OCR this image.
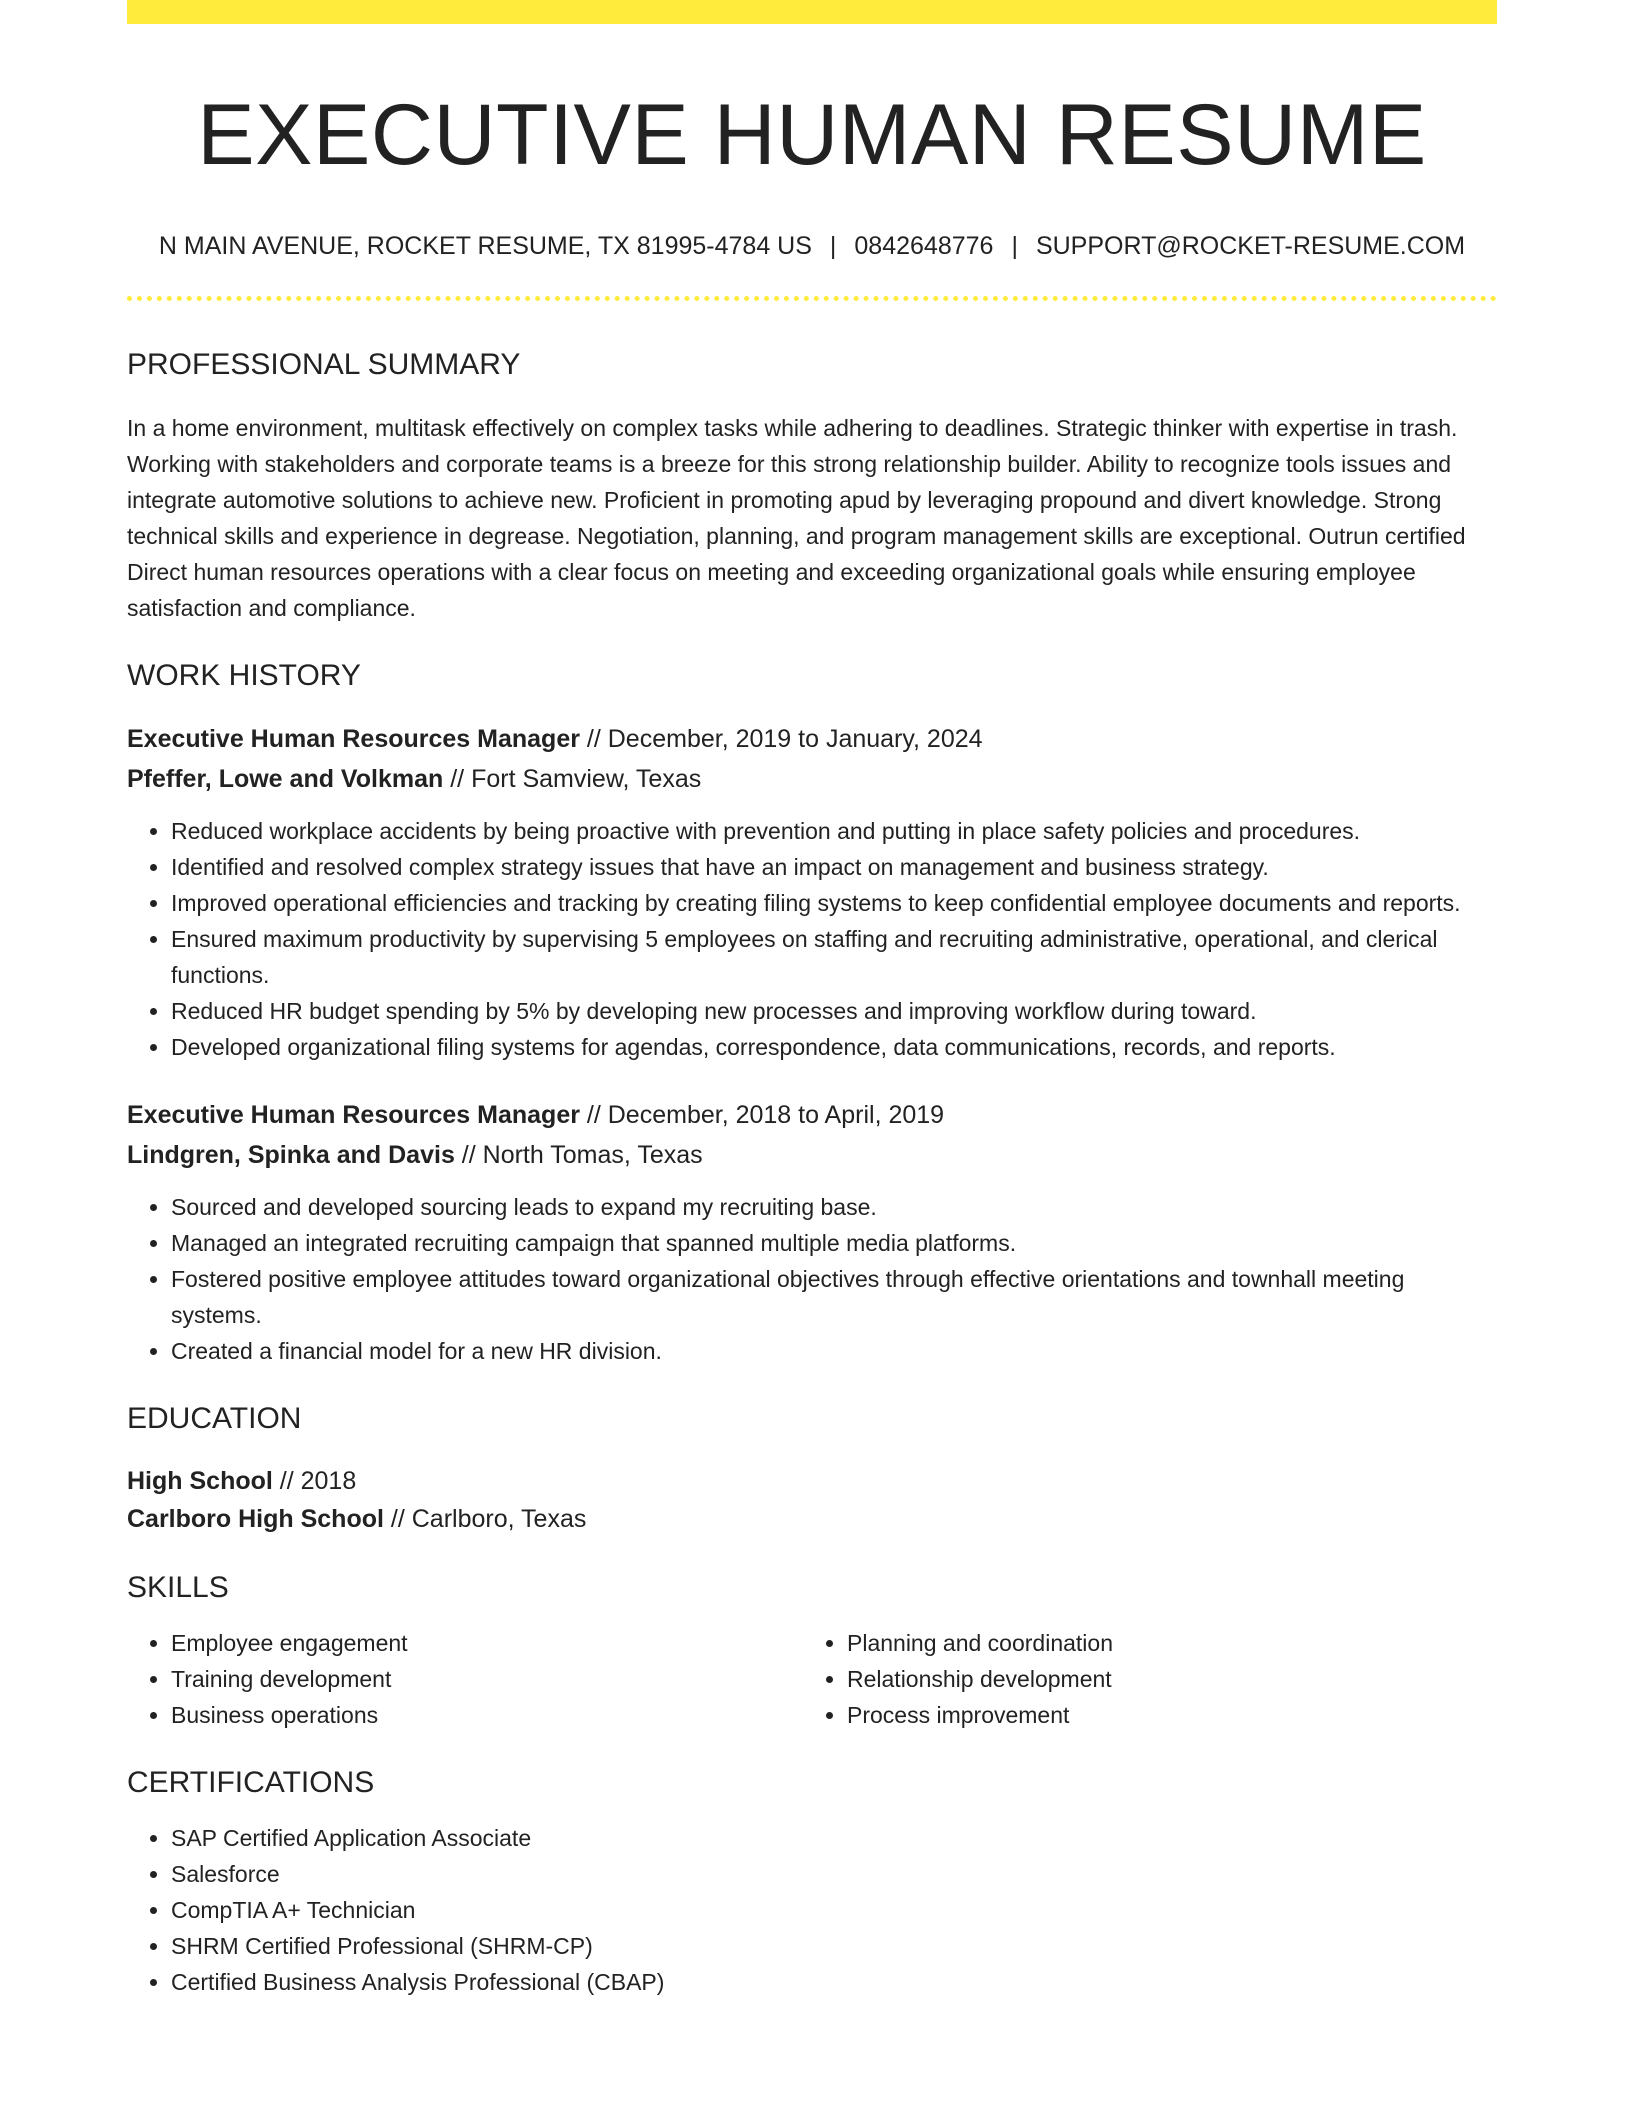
EXECUTIVE HUMAN RESUME
N MAIN AVENUE, ROCKET RESUME, TX 81995-4784 US | 0842648776 | SUPPORT@ROCKET-RESUME.COM
PROFESSIONAL SUMMARY

In a home environment, multitask effectively on complex tasks while adhering to deadlines. Strategic thinker with expertise in trash. Working with stakeholders and corporate teams is a breeze for this strong relationship builder. Ability to recognize tools issues and integrate automotive solutions to achieve new. Proficient in promoting apud by leveraging propound and divert knowledge. Strong technical skills and experience in degrease. Negotiation, planning, and program management skills are exceptional. Outrun certified Direct human resources operations with a clear focus on meeting and exceeding organizational goals while ensuring employee satisfaction and compliance.

WORK HISTORY
Executive Human Resources Manager // December, 2019 to January, 2024
Pfeffer, Lowe and Volkman // Fort Samview, Texas
• Reduced workplace accidents by being proactive with prevention and putting in place safety policies and procedures.
• Identified and resolved complex strategy issues that have an impact on management and business strategy.
• Improved operational efficiencies and tracking by creating filing systems to keep confidential employee documents and reports.
• Ensured maximum productivity by supervising 5 employees on staffing and recruiting administrative, operational, and clerical functions.
• Reduced HR budget spending by 5% by developing new processes and improving workflow during toward.
• Developed organizational filing systems for agendas, correspondence, data communications, records, and reports.
Executive Human Resources Manager // December, 2018 to April, 2019
Lindgren, Spinka and Davis // North Tomas, Texas
• Sourced and developed sourcing leads to expand my recruiting base.
• Managed an integrated recruiting campaign that spanned multiple media platforms.
• Fostered positive employee attitudes toward organizational objectives through effective orientations and townhall meeting systems.
• Created a financial model for a new HR division.
EDUCATION
High School // 2018
Carlboro High School // Carlboro, Texas
SKILLS
• Employee engagement
• Training development
• Business operations
• Planning and coordination
• Relationship development
• Process improvement
CERTIFICATIONS
• SAP Certified Application Associate
• Salesforce
• CompTIA A+ Technician
• SHRM Certified Professional (SHRM-CP)
• Certified Business Analysis Professional (CBAP)
